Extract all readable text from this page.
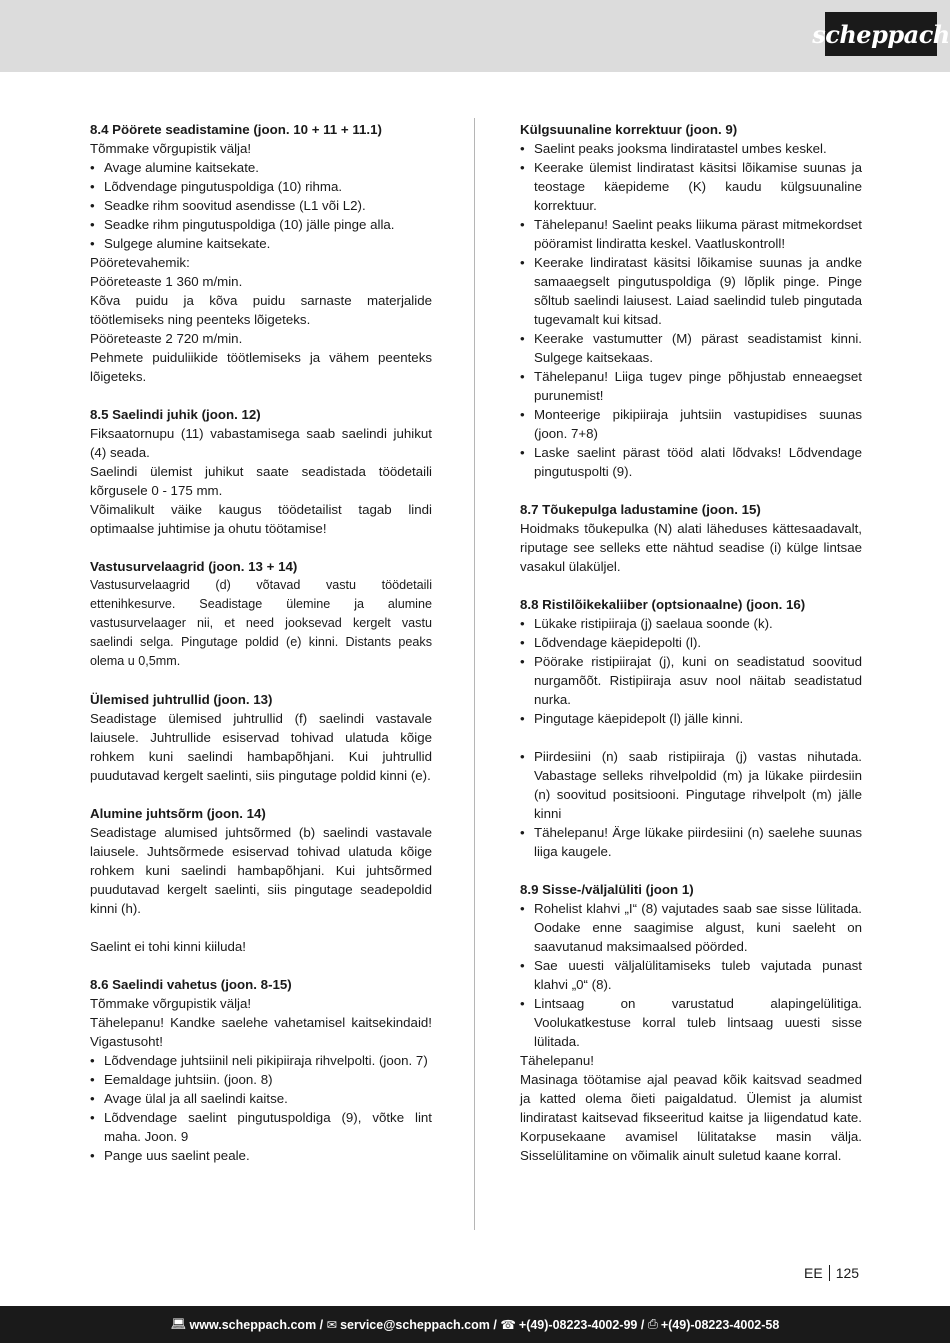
scheppach

8.4 Pöörete seadistamine (joon. 10 + 11 + 11.1)

Tõmmake võrgupistik välja!

• Avage alumine kaitsekate.
• Lõdvendage pingutuspoldiga (10) rihma.
• Seadke rihm soovitud asendisse (L1 või L2).
• Seadke rihm pingutuspoldiga (10) jälle pinge alla.
• Sulgege alumine kaitsekate.

Pööretevahemik:

Pööreteaste 1 360 m/min.

Kõva puidu ja kõva puidu sarnaste materjalide töötlemiseks ning peenteks lõigeteks.

Pööreteaste 2 720 m/min.

Pehmete puiduliikide töötlemiseks ja vähem peenteks lõigeteks.

8.5 Saelindi juhik (joon. 12)

Fiksaatornupu (11) vabastamisega saab saelindi juhikut (4) seada.

Saelindi ülemist juhikut saate seadistada töödetaili kõrgusele 0 - 175 mm.

Võimalikult väike kaugus töödetailist tagab lindi optimaalse juhtimise ja ohutu töötamise!

Vastusurvelaagrid (joon. 13 + 14)

Vastusurvelaagrid (d) võtavad vastu töödetaili ettenihkesurve. Seadistage ülemine ja alumine vastusurvelaager nii, et need jooksevad kergelt vastu saelindi selga. Pingutage poldid (e) kinni. Distants peaks olema u 0,5mm.

Ülemised juhtrullid (joon. 13)

Seadistage ülemised juhtrullid (f) saelindi vastavale laiusele. Juhtrullide esiservad tohivad ulatuda kõige rohkem kuni saelindi hambapõhjani. Kui juhtrullid puudutavad kergelt saelinti, siis pingutage poldid kinni (e).

Alumine juhtsõrm (joon. 14)

Seadistage alumised juhtsõrmed (b) saelindi vastavale laiusele. Juhtsõrmede esiservad tohivad ulatuda kõige rohkem kuni saelindi hambapõhjani. Kui juhtsõrmed puudutavad kergelt saelinti, siis pingutage seadepoldid kinni (h).

Saelint ei tohi kinni kiiluda!

8.6 Saelindi vahetus (joon. 8-15)

Tõmmake võrgupistik välja!

Tähelepanu! Kandke saelehe vahetamisel kaitsekindaid! Vigastusoht!

• Lõdvendage juhtsiinil neli pikipiiraja rihvelpolti. (joon. 7)
• Eemaldage juhtsiin. (joon. 8)
• Avage ülal ja all saelindi kaitse.
• Lõdvendage saelint pingutuspoldiga (9), võtke lint maha. Joon. 9
• Pange uus saelint peale.

Külgsuunaline korrektuur (joon. 9)

• Saelint peaks jooksma lindiratastel umbes keskel.
• Keerake ülemist lindiratast käsitsi lõikamise suunas ja teostage käepideme (K) kaudu külgsuunaline korrektuur.
• Tähelepanu! Saelint peaks liikuma pärast mitmekordset pööramist lindiratta keskel. Vaatluskontroll!
• Keerake lindiratast käsitsi lõikamise suunas ja andke samaaegselt pingutuspoldiga (9) lõplik pinge. Pinge sõltub saelindi laiusest. Laiad saelindid tuleb pingutada tugevamalt kui kitsad.
• Keerake vastumutter (M) pärast seadistamist kinni. Sulgege kaitsekaas.
• Tähelepanu! Liiga tugev pinge põhjustab enneaegset purunemist!
• Monteerige pikipiiraja juhtsiin vastupidises suunas (joon. 7+8)
• Laske saelint pärast tööd alati lõdvaks! Lõdvendage pingutuspolti (9).

8.7 Tõukepulga ladustamine (joon. 15)

Hoidmaks tõukepulka (N) alati läheduses kättesaadavalt, riputage see selleks ette nähtud seadise (i) külge lintsae vasakul ülaküljel.

8.8 Ristilõikekaliiber (optsionaalne) (joon. 16)

• Lükake ristipiiraja (j) saelaua soonde (k).
• Lõdvendage käepidepolti (l).
• Pöörake ristipiirajat (j), kuni on seadistatud soovitud nurgamõõt. Ristipiiraja asuv nool näitab seadistatud nurka.
• Pingutage käepidepolt (l) jälle kinni.
• Piirdesiini (n) saab ristipiiraja (j) vastas nihutada. Vabastage selleks rihvelpoldid (m) ja lükake piirdesiin (n) soovitud positsiooni. Pingutage rihvelpolt (m) jälle kinni
• Tähelepanu! Ärge lükake piirdesiini (n) saelehe suunas liiga kaugele.

8.9 Sisse-/väljalüliti (joon 1)

• Rohelist klahvi „I“ (8) vajutades saab sae sisse lülitada. Oodake enne saagimise algust, kuni saeleht on saavutanud maksimaalsed pöörded.
• Sae uuesti väljalülitamiseks tuleb vajutada punast klahvi „0“ (8).
• Lintsaag on varustatud alapingelülitiga. Voolukatkestuse korral tuleb lintsaag uuesti sisse lülitada.

Tähelepanu!

Masinaga töötamise ajal peavad kõik kaitsvad seadmed ja katted olema õieti paigaldatud. Ülemist ja alumist lindiratast kaitsevad fikseeritud kaitse ja liigendatud kate. Korpusekaane avamisel lülitatakse masin välja. Sisselülitamine on võimalik ainult suletud kaane korral.

EE 125
💻︎ www.scheppach.com /
✉︎ service@scheppach.com /
☎︎ +(49)-08223-4002-99 /
⎙ +(49)-08223-4002-58
